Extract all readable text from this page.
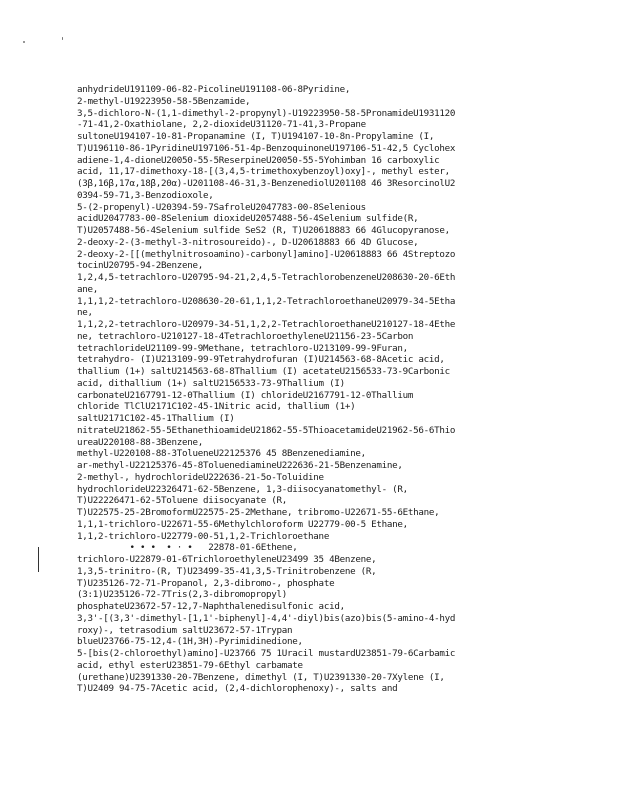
anhydrideU191109-06-82-PicolineU191108-06-8Pyridine,
2-methyl-U19223950-58-5Benzamide,
3,5-dichloro-N-(1,1-dimethyl-2-propynyl)-U19223950-58-5PronamideU1931120
-71-41,2-Oxathiolane, 2,2-dioxideU31120-71-41,3-Propane
sultoneU194107-10-81-Propanamine (I, T)U194107-10-8n-Propylamine (I,
T)U196110-86-1PyridineU197106-51-4p-BenzoquinoneU197106-51-42,5 Cyclohex
adiene-1,4-dioneU20050-55-5ReserpineU20050-55-5Yohimban 16 carboxylic
acid, 11,17-dimethoxy-18-[(3,4,5-trimethoxybenzoyl)oxy]-, methyl ester,
(3β,16β,17α,18β,20α)-U201108-46-31,3-BenzenediolU201108 46 3ResorcinolU2
0394-59-71,3-Benzodioxole,
5-(2-propenyl)-U20394-59-7SafroleU2047783-00-8Selenious
acidU2047783-00-8Selenium dioxideU2057488-56-4Selenium sulfide(R,
T)U2057488-56-4Selenium sulfide SeS2 (R, T)U20618883 66 4Glucopyranose,
2-deoxy-2-(3-methyl-3-nitrosoureido)-, D-U20618883 66 4D Glucose,
2-deoxy-2-[[(methylnitrosoamino)-carbonyl]amino]-U20618883 66 4Streptozo
tocinU20795-94-2Benzene,
1,2,4,5-tetrachloro-U20795-94-21,2,4,5-TetrachlorobenzeneU208630-20-6Eth
ane,
1,1,1,2-tetrachloro-U208630-20-61,1,1,2-TetrachloroethaneU20979-34-5Etha
ne,
1,1,2,2-tetrachloro-U20979-34-51,1,2,2-TetrachloroethaneU210127-18-4Ethe
ne, tetrachloro-U210127-18-4TetrachloroethyleneU21156-23-5Carbon
tetrachlorideU21109-99-9Methane, tetrachloro-U213109-99-9Furan,
tetrahydro- (I)U213109-99-9Tetrahydrofuran (I)U214563-68-8Acetic acid,
thallium (1+) saltU214563-68-8Thallium (I) acetateU2156533-73-9Carbonic
acid, dithallium (1+) saltU2156533-73-9Thallium (I)
carbonateU2167791-12-0Thallium (I) chlorideU2167791-12-0Thallium
chloride TlClU2171C102-45-1Nitric acid, thallium (1+)
saltU2171C102-45-1Thallium (I)
nitrateU21862-55-5EthanethioamideU21862-55-5ThioacetamideU21962-56-6Thio
ureaU220108-88-3Benzene,
methyl-U220108-88-3TolueneU22125376 45 8Benzenediamine,
ar-methyl-U22125376-45-8ToluenediamineU222636-21-5Benzenamine,
2-methyl-, hydrochlorideU222636-21-5o-Toluidine
hydrochlorideU22326471-62-5Benzene, 1,3-diisocyanatomethyl- (R,
T)U22226471-62-5Toluene diisocyanate (R,
T)U22575-25-2BromoformU22575-25-2Methane, tribromo-U22671-55-6Ethane,
1,1,1-trichloro-U22671-55-6Methylchloroform U22779-00-5 Ethane,
1,1,2-trichloro-U22779-00-51,1,2-Trichloroethane
• • •  • · •   22878-01-6Ethene,
trichloro-U22879-01-6TrichloroethyleneU23499 35 4Benzene,
1,3,5-trinitro-(R, T)U23499-35-41,3,5-Trinitrobenzene (R,
T)U235126-72-71-Propanol, 2,3-dibromo-, phosphate
(3:1)U235126-72-7Tris(2,3-dibromopropyl)
phosphateU23672-57-12,7-Naphthalenedisulfonic acid,
3,3'-[(3,3'-dimethyl-[1,1'-biphenyl]-4,4'-diyl)bis(azo)bis(5-amino-4-hyd
roxy)-, tetrasodium saltU23672-57-1Trypan
blueU23766-75-12,4-(1H,3H)-Pyrimidinedione,
5-[bis(2-chloroethyl)amino]-U23766 75 1Uracil mustardU23851-79-6Carbamic
acid, ethyl esterU23851-79-6Ethyl carbamate
(urethane)U2391330-20-7Benzene, dimethyl (I, T)U2391330-20-7Xylene (I,
T)U2409 94-75-7Acetic acid, (2,4-dichlorophenoxy)-, salts and
